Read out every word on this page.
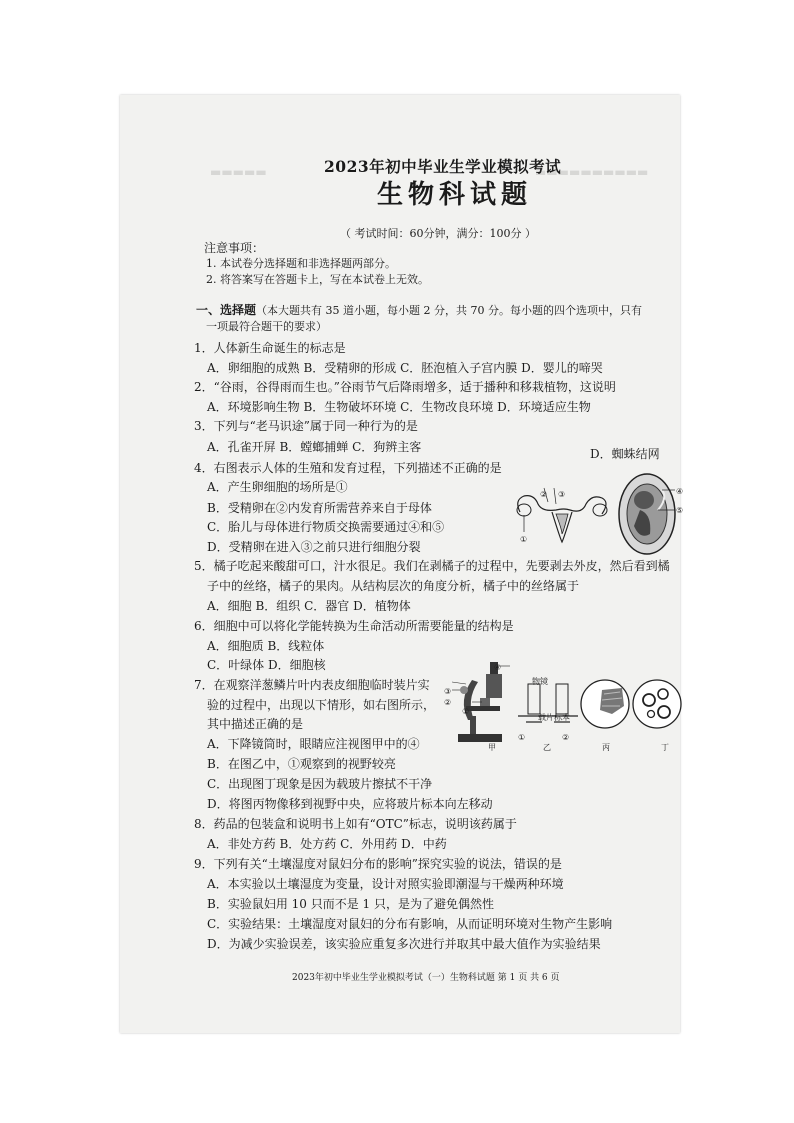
▬▬▬▬▬▬▬▬▬▬
▬▬▬▬▬	2023年初中毕业生学业模拟考试
生物科试题
（ 考试时间：60分钟，满分：100分 ）
注意事项：
1. 本试卷分选择题和非选择题两部分。
2. 将答案写在答题卡上，写在本试卷上无效。
一、选择题（本大题共有 35 道小题，每小题 2 分，共 70 分。每小题的四个选项中，只有
一项最符合题干的要求）
1．人体新生命诞生的标志是
A．卵细胞的成熟 B．受精卵的形成 C．胚泡植入子宫内膜 D．婴儿的啼哭
2．“谷雨，谷得雨而生也。”谷雨节气后降雨增多，适于播种和移栽植物，这说明
A．环境影响生物 B．生物破坏环境 C．生物改良环境 D．环境适应生物
3．下列与“老马识途”属于同一种行为的是
A．孔雀开屏 B．螳螂捕蝉 C．狗辨主客	D．蜘蛛结网
4．右图表示人体的生殖和发育过程，下列描述不正确的是
A．产生卵细胞的场所是①
B．受精卵在②内发育所需营养来自于母体
C．胎儿与母体进行物质交换需要通过④和⑤
D．受精卵在进入③之前只进行细胞分裂
② ③
①
④
⑤
5．橘子吃起来酸甜可口，汁水很足。我们在剥橘子的过程中，先要剥去外皮，然后看到橘
子中的丝络，橘子的果肉。从结构层次的角度分析，橘子中的丝络属于
A．细胞 B．组织 C．器官 D．植物体
6．细胞中可以将化学能转换为生命活动所需要能量的结构是
A．细胞质 B．线粒体
C．叶绿体 D．细胞核
7．在观察洋葱鳞片叶内表皮细胞临时装片实
验的过程中，出现以下情形，如右图所示，
其中描述正确的是
A．下降镜筒时，眼睛应注视图甲中的④
B．在图乙中，①观察到的视野较亮
C．出现图丁现象是因为载玻片擦拭不干净
D．将图丙物像移到视野中央，应将玻片标本向左移动
④
③
②
①
物镜
载片标本
①	②
甲	乙	丙	丁
8．药品的包装盒和说明书上如有“OTC”标志，说明该药属于
A．非处方药 B．处方药 C．外用药 D．中药
9．下列有关“土壤湿度对鼠妇分布的影响”探究实验的说法，错误的是
A．本实验以土壤湿度为变量，设计对照实验即潮湿与干燥两种环境
B．实验鼠妇用 10 只而不是 1 只，是为了避免偶然性
C．实验结果：土壤湿度对鼠妇的分布有影响，从而证明环境对生物产生影响
D．为减少实验误差，该实验应重复多次进行并取其中最大值作为实验结果
2023年初中毕业生学业模拟考试（一）生物科试题 第 1 页 共 6 页
